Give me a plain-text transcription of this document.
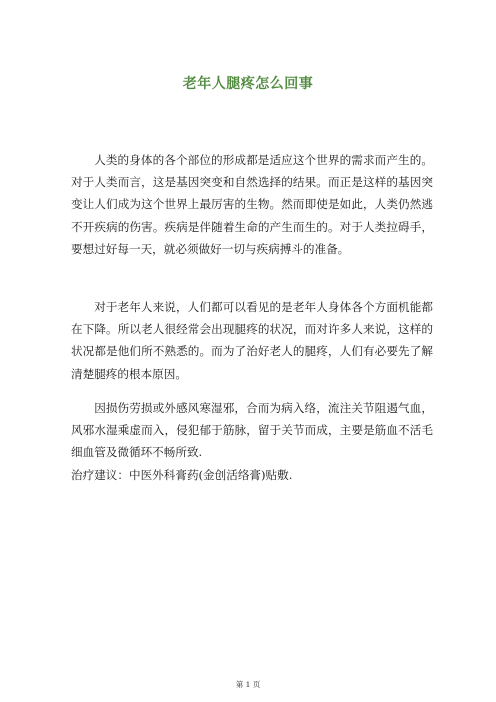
老年人腿疼怎么回事

人类的身体的各个部位的形成都是适应这个世界的需求而产生的。对于人类而言，这是基因突变和自然选择的结果。而正是这样的基因突变让人们成为这个世界上最厉害的生物。然而即使是如此，人类仍然逃不开疾病的伤害。疾病是伴随着生命的产生而生的。对于人类拉碍手，要想过好每一天，就必须做好一切与疾病搏斗的准备。

对于老年人来说，人们都可以看见的是老年人身体各个方面机能都在下降。所以老人很经常会出现腿疼的状况，而对许多人来说，这样的状况都是他们所不熟悉的。而为了治好老人的腿疼，人们有必要先了解清楚腿疼的根本原因。

因损伤劳损或外感风寒湿邪，合而为病入络，流注关节阻遏气血，风邪水湿乘虚而入，侵犯郁于筋脉，留于关节而成，主要是筋血不活毛细血管及微循环不畅所致.

治疗建议：中医外科膏药(金创活络膏)贴敷.

第 1 页
